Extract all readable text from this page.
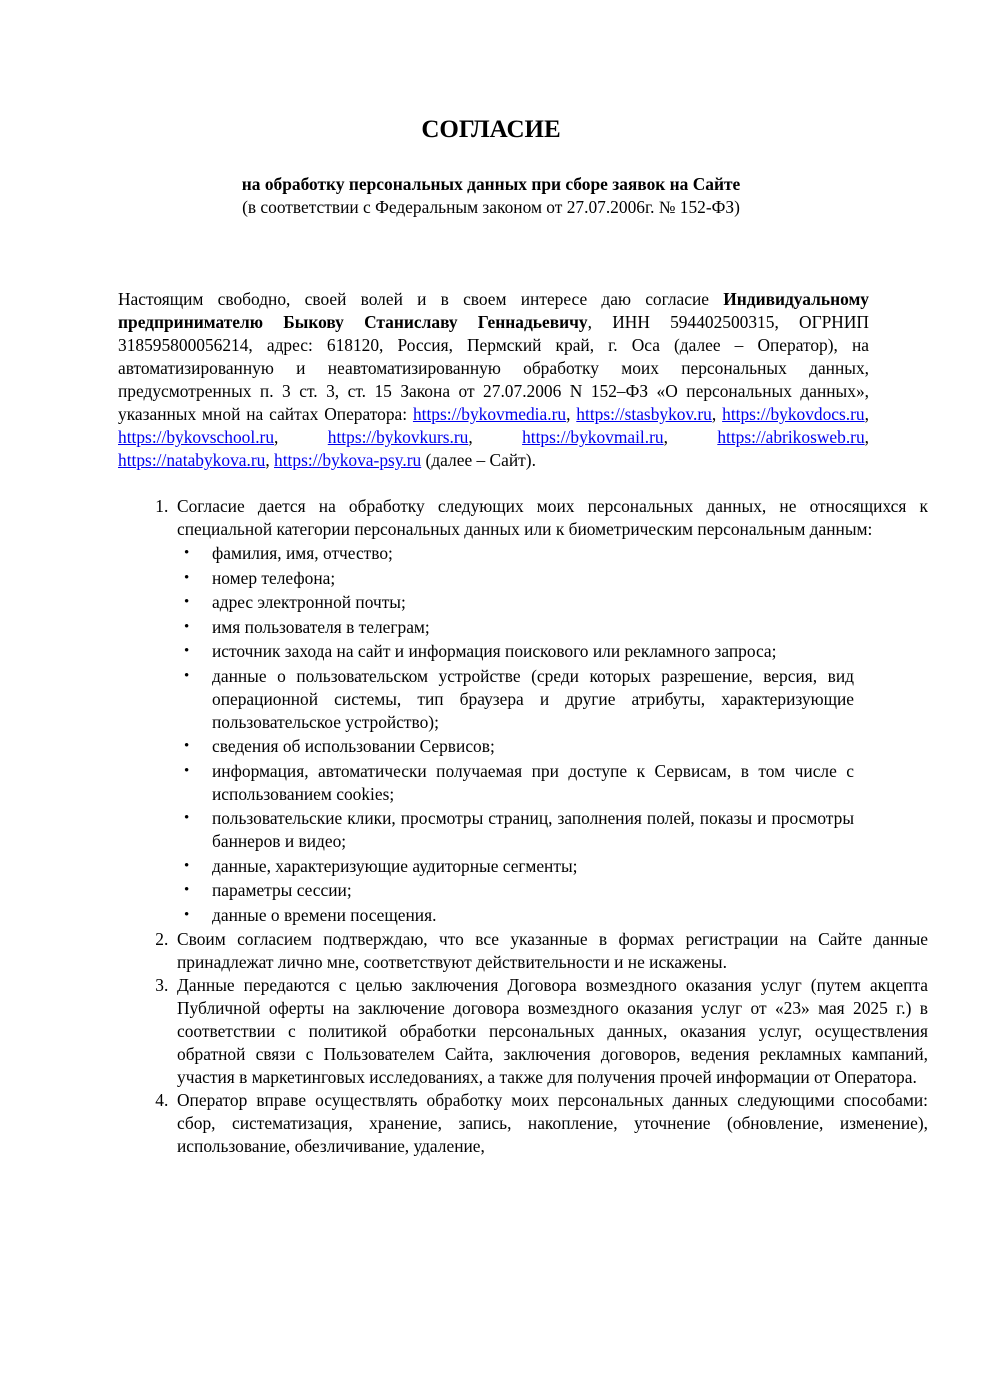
СОГЛАСИЕ

на обработку персональных данных при сборе заявок на Сайте

(в соответствии с Федеральным законом от 27.07.2006г. № 152-ФЗ)

Настоящим свободно, своей волей и в своем интересе даю согласие Индивидуальному предпринимателю Быкову Станиславу Геннадьевичу, ИНН 594402500315, ОГРНИП 318595800056214, адрес: 618120, Россия, Пермский край, г. Оса (далее – Оператор), на автоматизированную и неавтоматизированную обработку моих персональных данных, предусмотренных п. 3 ст. 3, ст. 15 Закона от 27.07.2006 N 152–ФЗ «О персональных данных», указанных мной на сайтах Оператора: https://bykovmedia.ru, https://stasbykov.ru, https://bykovdocs.ru, https://bykovschool.ru, https://bykovkurs.ru, https://bykovmail.ru, https://abrikosweb.ru, https://natabykova.ru, https://bykova-psy.ru (далее – Сайт).

1. Согласие дается на обработку следующих моих персональных данных, не относящихся к специальной категории персональных данных или к биометрическим персональным данным:
• фамилия, имя, отчество;
• номер телефона;
• адрес электронной почты;
• имя пользователя в телеграм;
• источник захода на сайт и информация поискового или рекламного запроса;
• данные о пользовательском устройстве (среди которых разрешение, версия, вид операционной системы, тип браузера и другие атрибуты, характеризующие пользовательское устройство);
• сведения об использовании Сервисов;
• информация, автоматически получаемая при доступе к Сервисам, в том числе с использованием cookies;
• пользовательские клики, просмотры страниц, заполнения полей, показы и просмотры баннеров и видео;
• данные, характеризующие аудиторные сегменты;
• параметры сессии;
• данные о времени посещения.
2. Своим согласием подтверждаю, что все указанные в формах регистрации на Сайте данные принадлежат лично мне, соответствуют действительности и не искажены.
3. Данные передаются с целью заключения Договора возмездного оказания услуг (путем акцепта Публичной оферты на заключение договора возмездного оказания услуг от «23» мая 2025 г.) в соответствии с политикой обработки персональных данных, оказания услуг, осуществления обратной связи с Пользователем Сайта, заключения договоров, ведения рекламных кампаний, участия в маркетинговых исследованиях, а также для получения прочей информации от Оператора.
4. Оператор вправе осуществлять обработку моих персональных данных следующими способами: сбор, систематизация, хранение, запись, накопление, уточнение (обновление, изменение), использование, обезличивание, удаление,
